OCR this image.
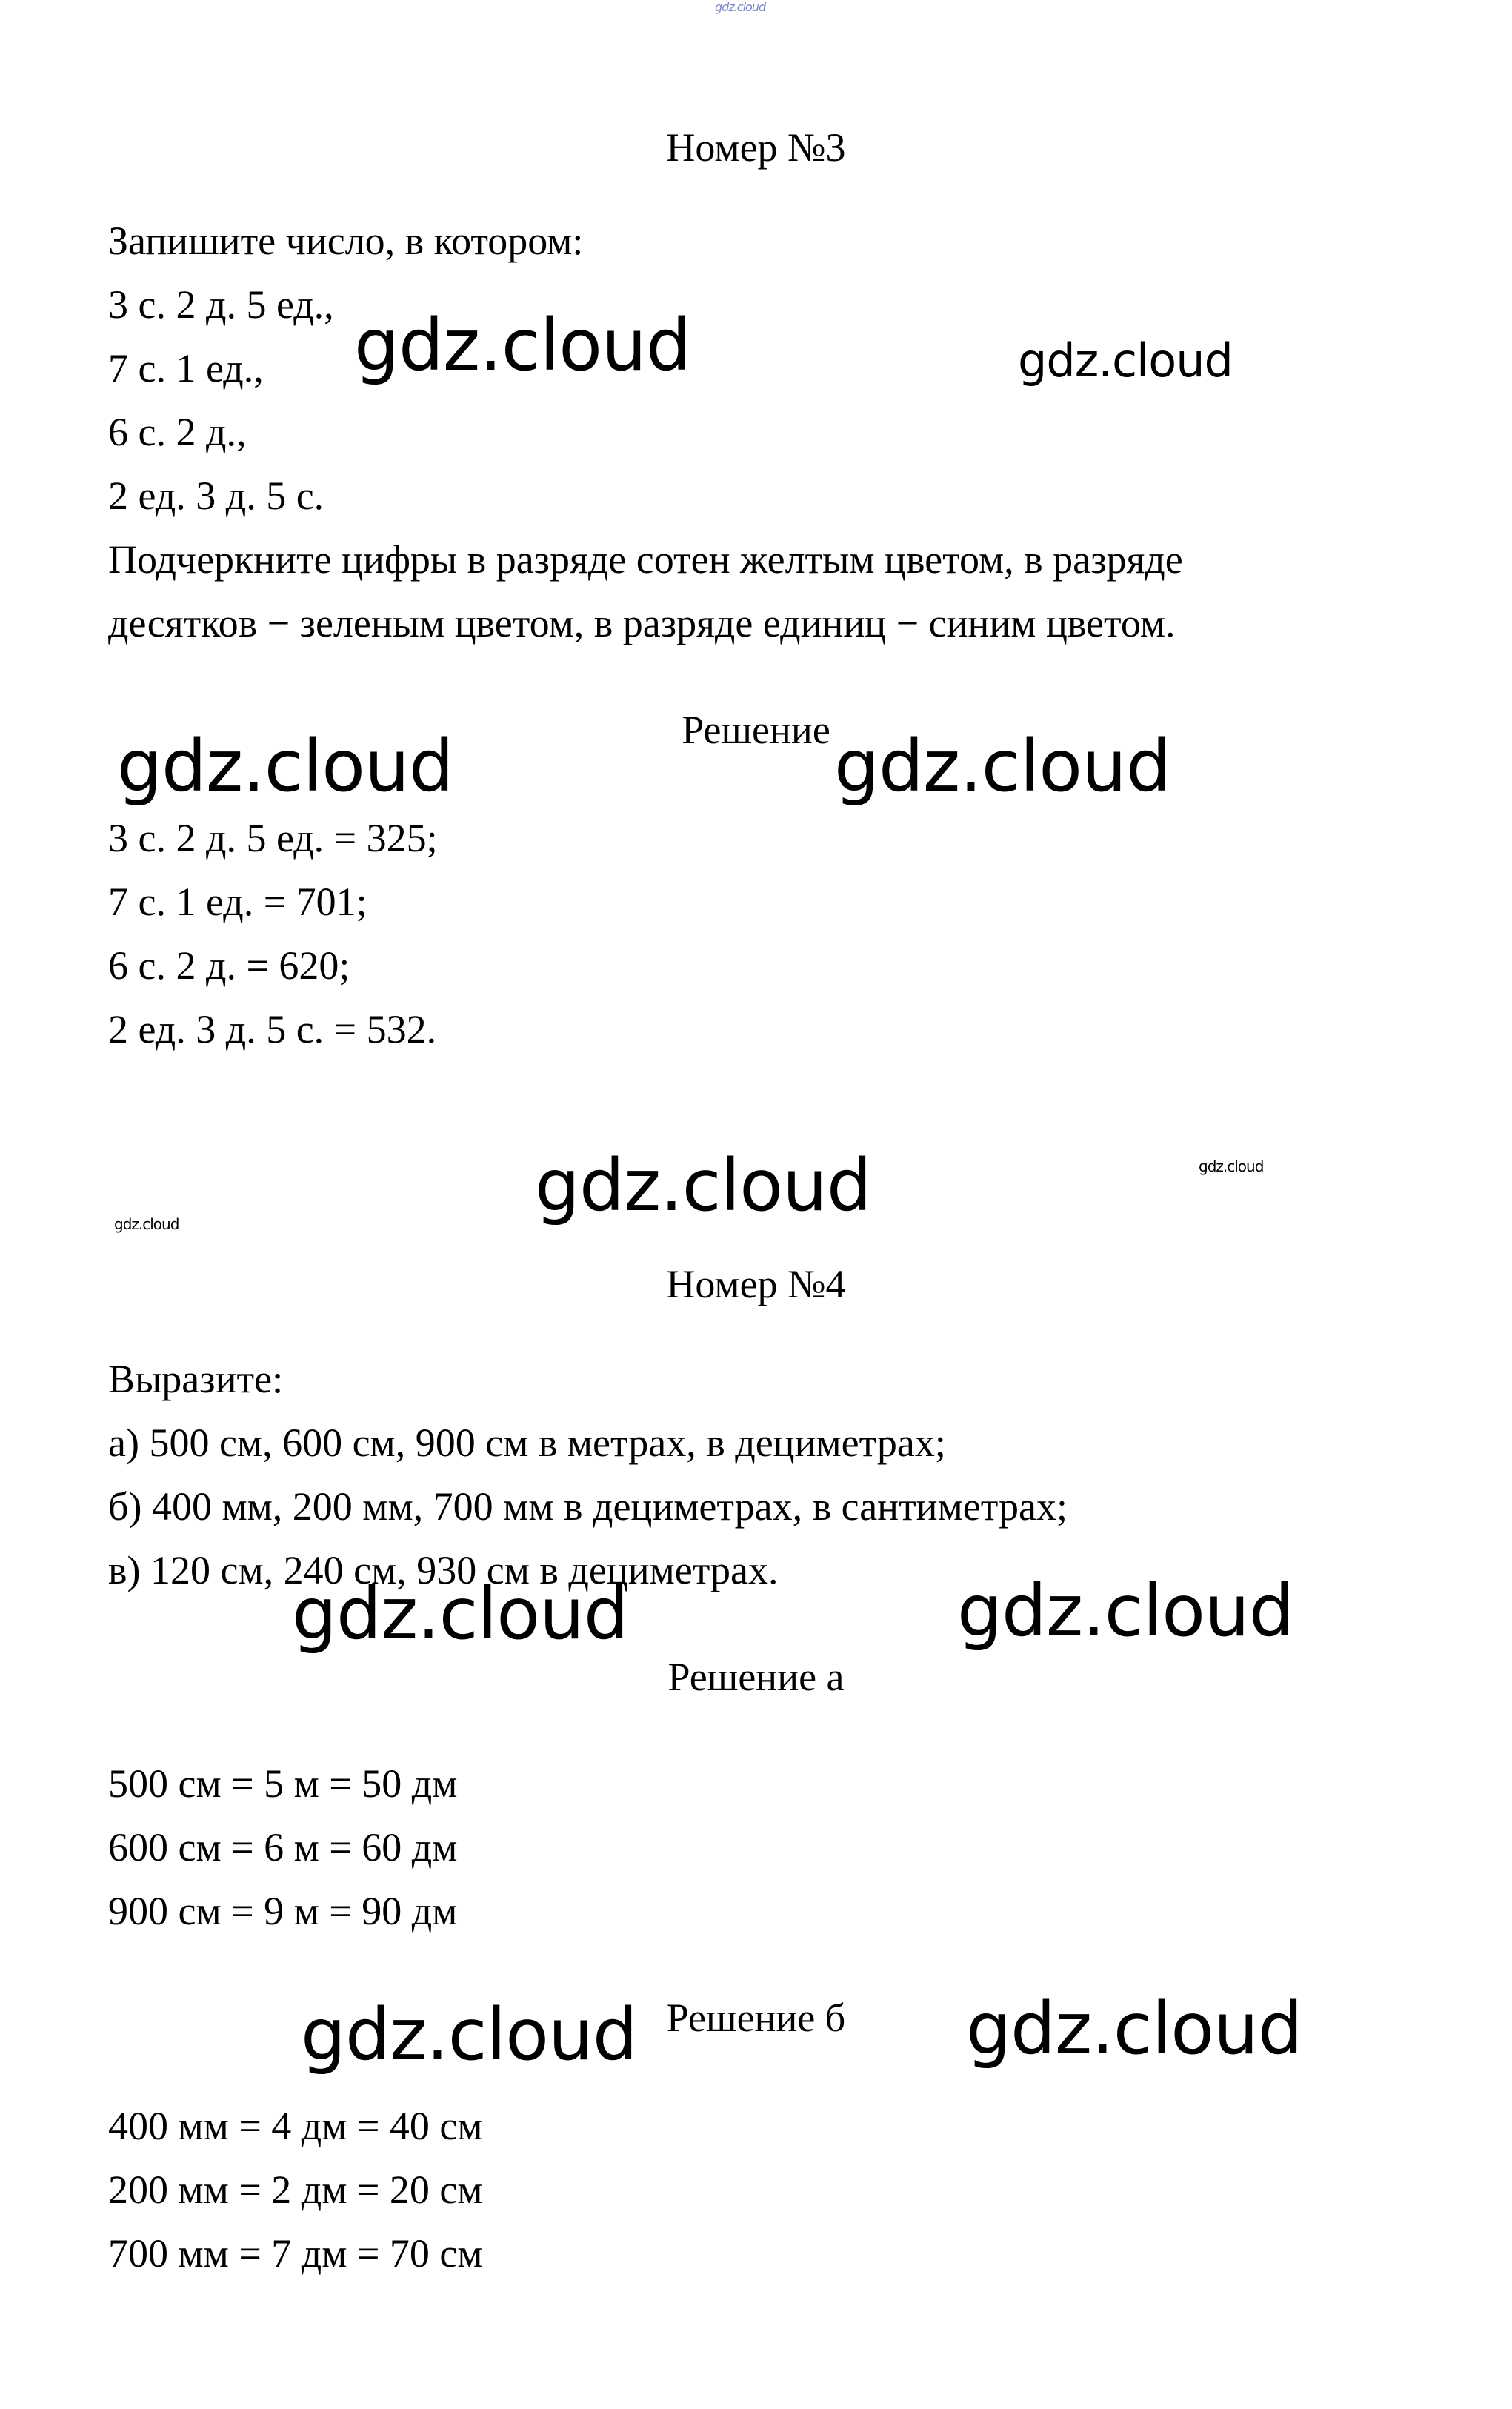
gdz.cloud
Номер №3
Запишите число, в котором:
3 с. 2 д. 5 ед.,
7 с. 1 ед.,
6 с. 2 д.,
2 ед. 3 д. 5 с.
Подчеркните цифры в разряде сотен желтым цветом, в разряде
десятков − зеленым цветом, в разряде единиц − синим цветом.
Решение
3 с. 2 д. 5 ед. = 325;
7 с. 1 ед. = 701;
6 с. 2 д. = 620;
2 ед. 3 д. 5 с. = 532.
Номер №4
Выразите:
а) 500 см, 600 см, 900 см в метрах, в дециметрах;
б) 400 мм, 200 мм, 700 мм в дециметрах, в сантиметрах;
в) 120 см, 240 см, 930 см в дециметрах.
Решение а
500 см = 5 м = 50 дм
600 см = 6 м = 60 дм
900 см = 9 м = 90 дм
Решение б
400 мм = 4 дм = 40 см
200 мм = 2 дм = 20 см
700 мм = 7 дм = 70 см
gdz.cloud	gdz.cloud
gdz.cloud	gdz.cloud
gdz.cloud	gdz.cloud
gdz.cloud
gdz.cloud	gdz.cloud
gdz.cloud	gdz.cloud
